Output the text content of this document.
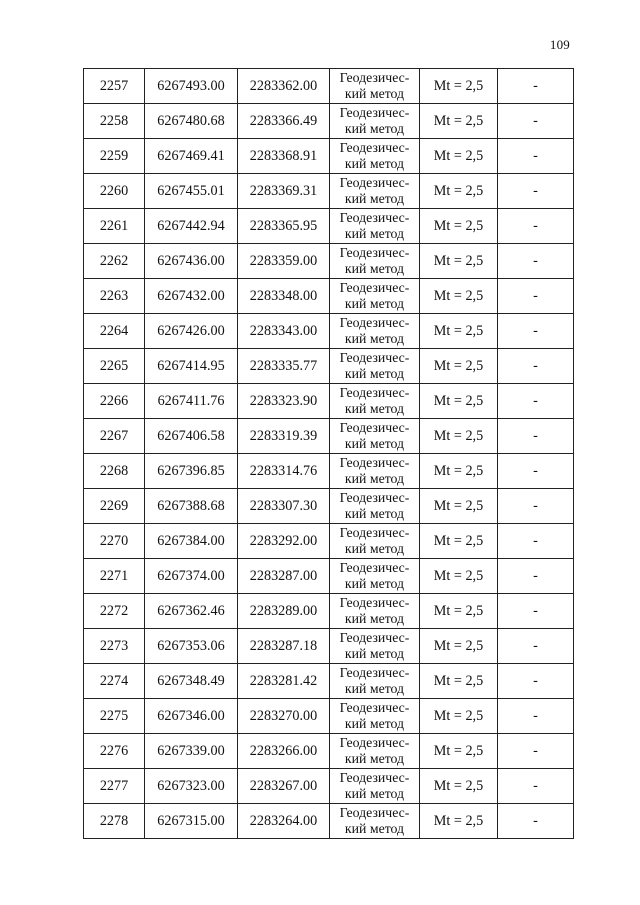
109
2257	6267493.00	2283362.00	Геодезичес-
кий метод	Mt = 2,5	-
2258	6267480.68	2283366.49	Геодезичес-
кий метод	Mt = 2,5	-
2259	6267469.41	2283368.91	Геодезичес-
кий метод	Mt = 2,5	-
2260	6267455.01	2283369.31	Геодезичес-
кий метод	Mt = 2,5	-
2261	6267442.94	2283365.95	Геодезичес-
кий метод	Mt = 2,5	-
2262	6267436.00	2283359.00	Геодезичес-
кий метод	Mt = 2,5	-
2263	6267432.00	2283348.00	Геодезичес-
кий метод	Mt = 2,5	-
2264	6267426.00	2283343.00	Геодезичес-
кий метод	Mt = 2,5	-
2265	6267414.95	2283335.77	Геодезичес-
кий метод	Mt = 2,5	-
2266	6267411.76	2283323.90	Геодезичес-
кий метод	Mt = 2,5	-
2267	6267406.58	2283319.39	Геодезичес-
кий метод	Mt = 2,5	-
2268	6267396.85	2283314.76	Геодезичес-
кий метод	Mt = 2,5	-
2269	6267388.68	2283307.30	Геодезичес-
кий метод	Mt = 2,5	-
2270	6267384.00	2283292.00	Геодезичес-
кий метод	Mt = 2,5	-
2271	6267374.00	2283287.00	Геодезичес-
кий метод	Mt = 2,5	-
2272	6267362.46	2283289.00	Геодезичес-
кий метод	Mt = 2,5	-
2273	6267353.06	2283287.18	Геодезичес-
кий метод	Mt = 2,5	-
2274	6267348.49	2283281.42	Геодезичес-
кий метод	Mt = 2,5	-
2275	6267346.00	2283270.00	Геодезичес-
кий метод	Mt = 2,5	-
2276	6267339.00	2283266.00	Геодезичес-
кий метод	Mt = 2,5	-
2277	6267323.00	2283267.00	Геодезичес-
кий метод	Mt = 2,5	-
2278	6267315.00	2283264.00	Геодезичес-
кий метод	Mt = 2,5	-
